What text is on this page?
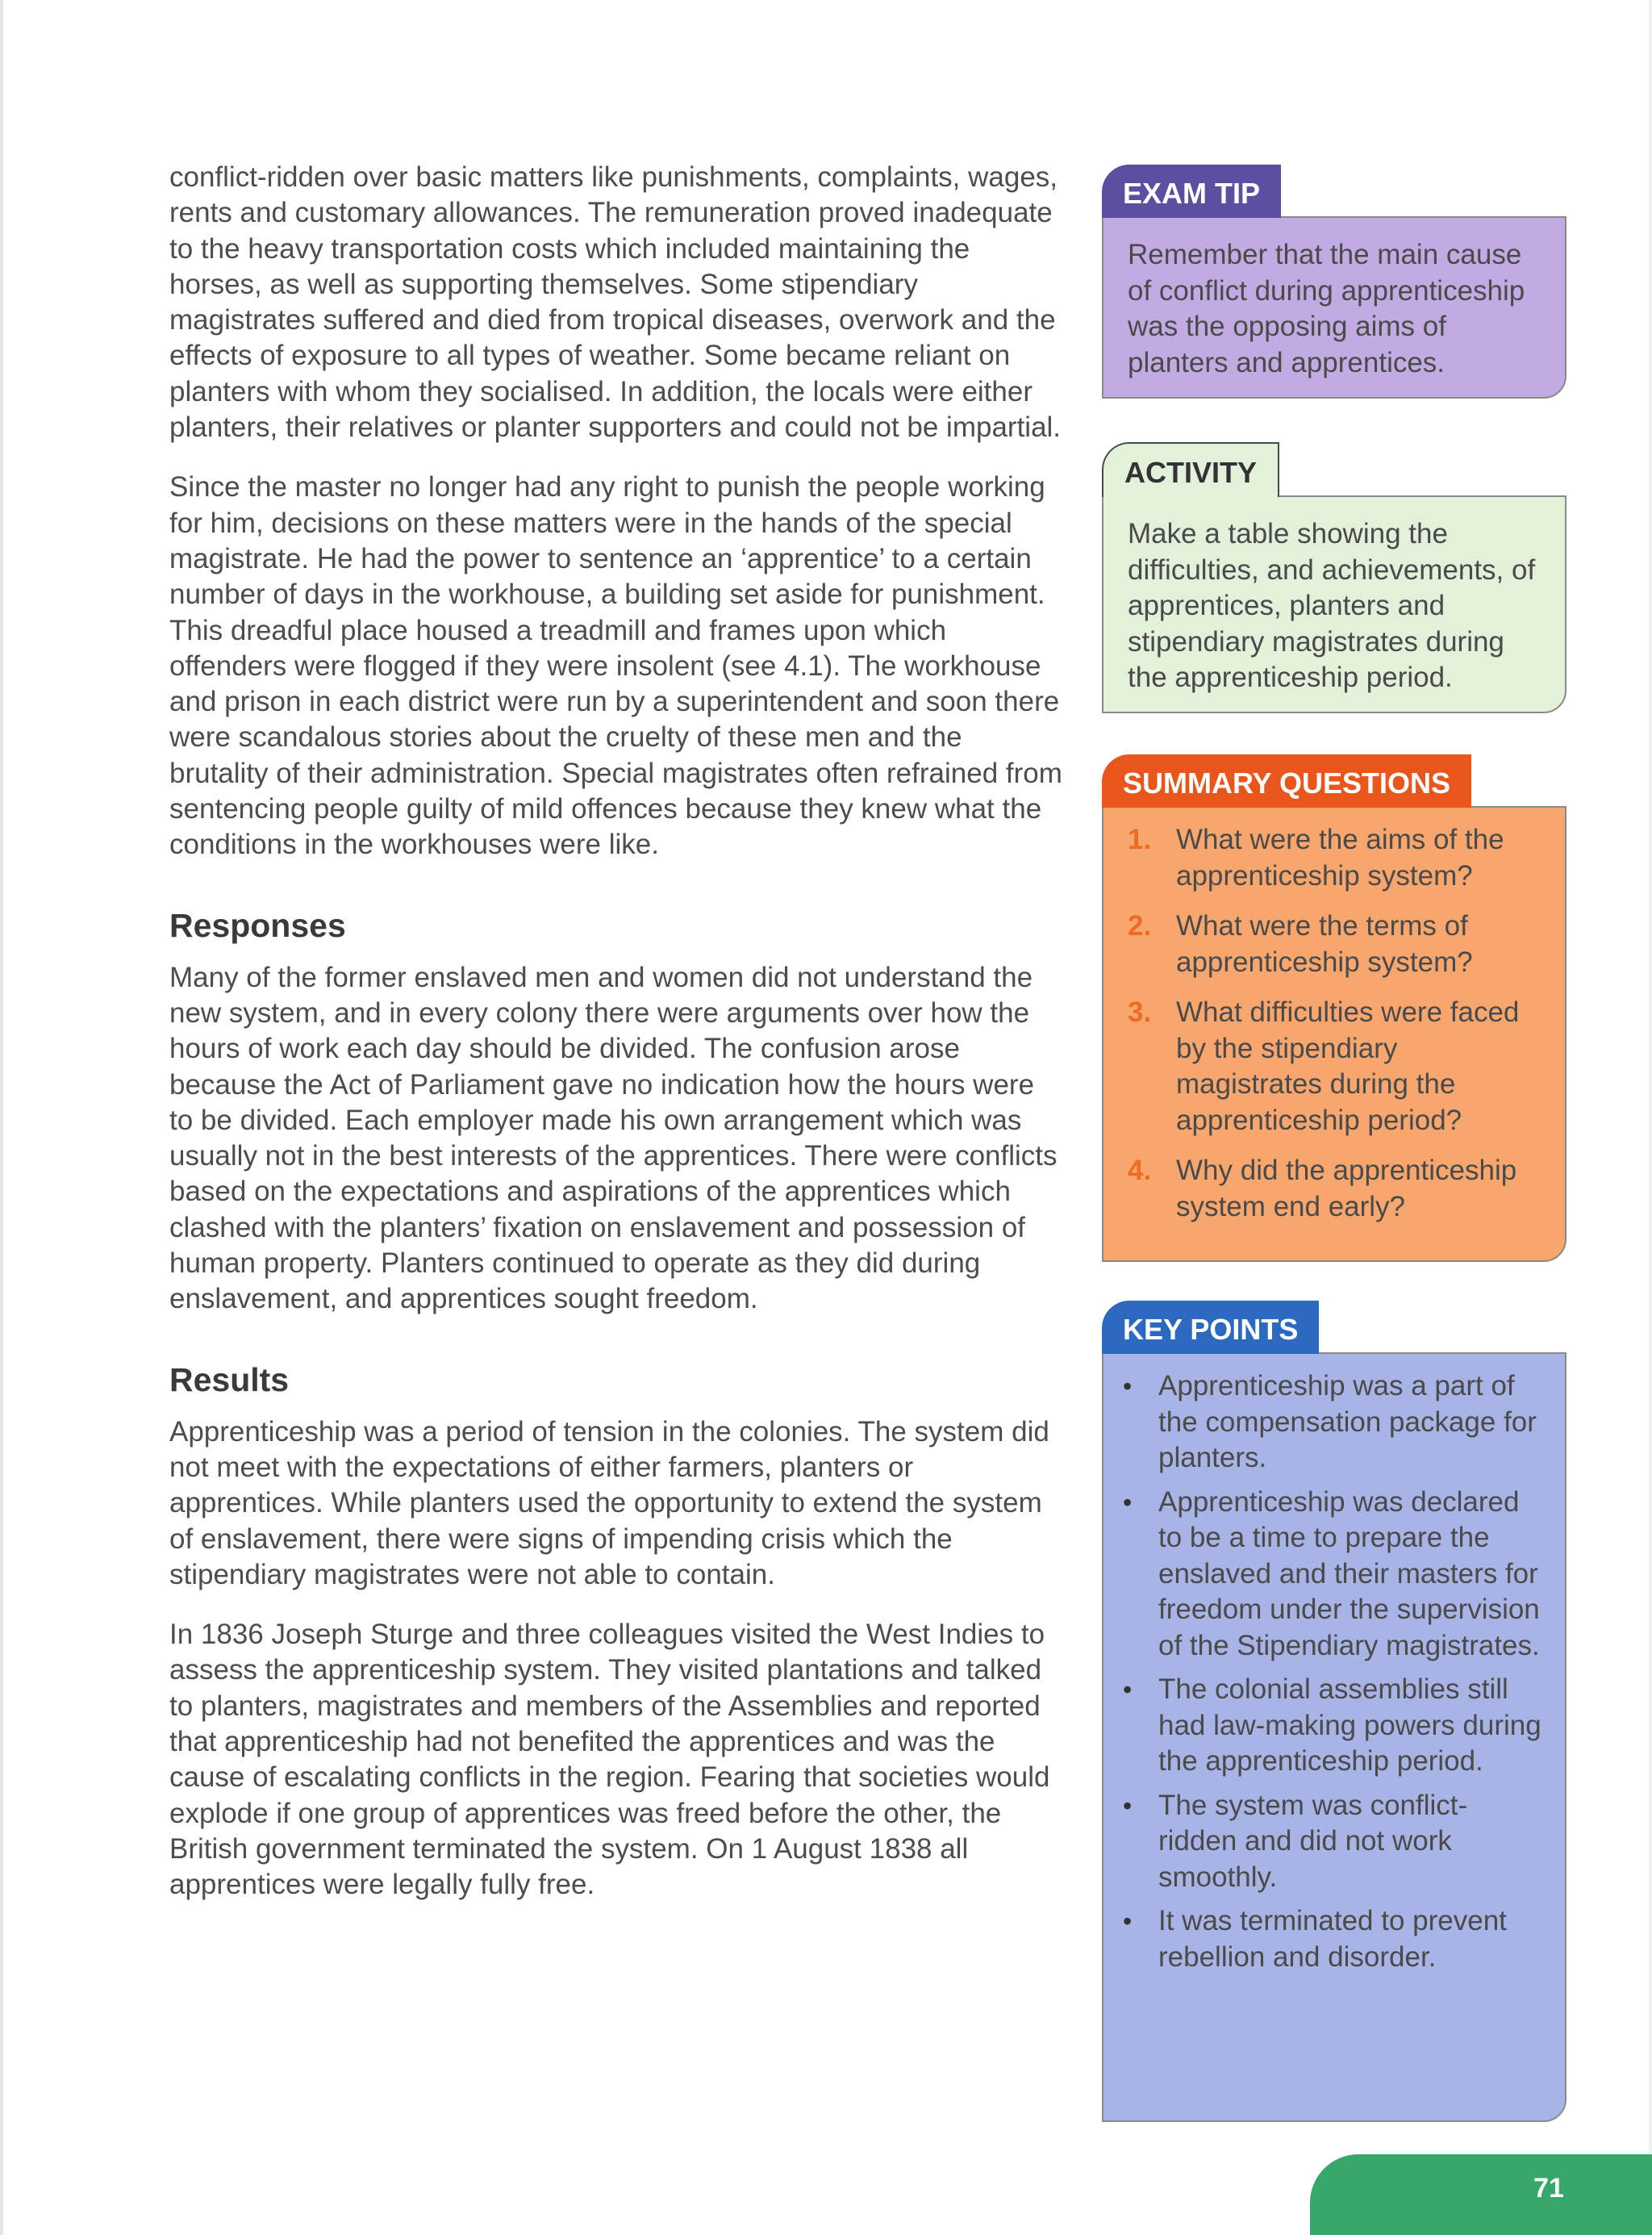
conflict-ridden over basic matters like punishments, complaints, wages, rents and customary allowances. The remuneration proved inadequate to the heavy transportation costs which included maintaining the horses, as well as supporting themselves. Some stipendiary magistrates suffered and died from tropical diseases, overwork and the effects of exposure to all types of weather. Some became reliant on planters with whom they socialised. In addition, the locals were either planters, their relatives or planter supporters and could not be impartial.

Since the master no longer had any right to punish the people working for him, decisions on these matters were in the hands of the special magistrate. He had the power to sentence an ‘apprentice’ to a certain number of days in the workhouse, a building set aside for punishment. This dreadful place housed a treadmill and frames upon which offenders were flogged if they were insolent (see 4.1). The workhouse and prison in each district were run by a superintendent and soon there were scandalous stories about the cruelty of these men and the brutality of their administration. Special magistrates often refrained from sentencing people guilty of mild offences because they knew what the conditions in the workhouses were like.

Responses

Many of the former enslaved men and women did not understand the new system, and in every colony there were arguments over how the hours of work each day should be divided. The confusion arose because the Act of Parliament gave no indication how the hours were to be divided. Each employer made his own arrangement which was usually not in the best interests of the apprentices. There were conflicts based on the expectations and aspirations of the apprentices which clashed with the planters’ fixation on enslavement and possession of human property. Planters continued to operate as they did during enslavement, and apprentices sought freedom.

Results

Apprenticeship was a period of tension in the colonies. The system did not meet with the expectations of either farmers, planters or apprentices. While planters used the opportunity to extend the system of enslavement, there were signs of impending crisis which the stipendiary magistrates were not able to contain.

In 1836 Joseph Sturge and three colleagues visited the West Indies to assess the apprenticeship system. They visited plantations and talked to planters, magistrates and members of the Assemblies and reported that apprenticeship had not benefited the apprentices and was the cause of escalating conflicts in the region. Fearing that societies would explode if one group of apprentices was freed before the other, the British government terminated the system. On 1 August 1838 all apprentices were legally fully free.

EXAM TIP
Remember that the main cause of conflict during apprenticeship was the opposing aims of planters and apprentices.
ACTIVITY
Make a table showing the difficulties, and achievements, of apprentices, planters and stipendiary magistrates during the apprenticeship period.
SUMMARY QUESTIONS
1. What were the aims of the apprenticeship system?
2. What were the terms of apprenticeship system?
3. What difficulties were faced by the stipendiary magistrates during the apprenticeship period?
4. Why did the apprenticeship system end early?
KEY POINTS
• Apprenticeship was a part of the compensation package for planters.
• Apprenticeship was declared to be a time to prepare the enslaved and their masters for freedom under the supervision of the Stipendiary magistrates.
• The colonial assemblies still had law-making powers during the apprenticeship period.
• The system was conflict-ridden and did not work smoothly.
• It was terminated to prevent rebellion and disorder.
71
